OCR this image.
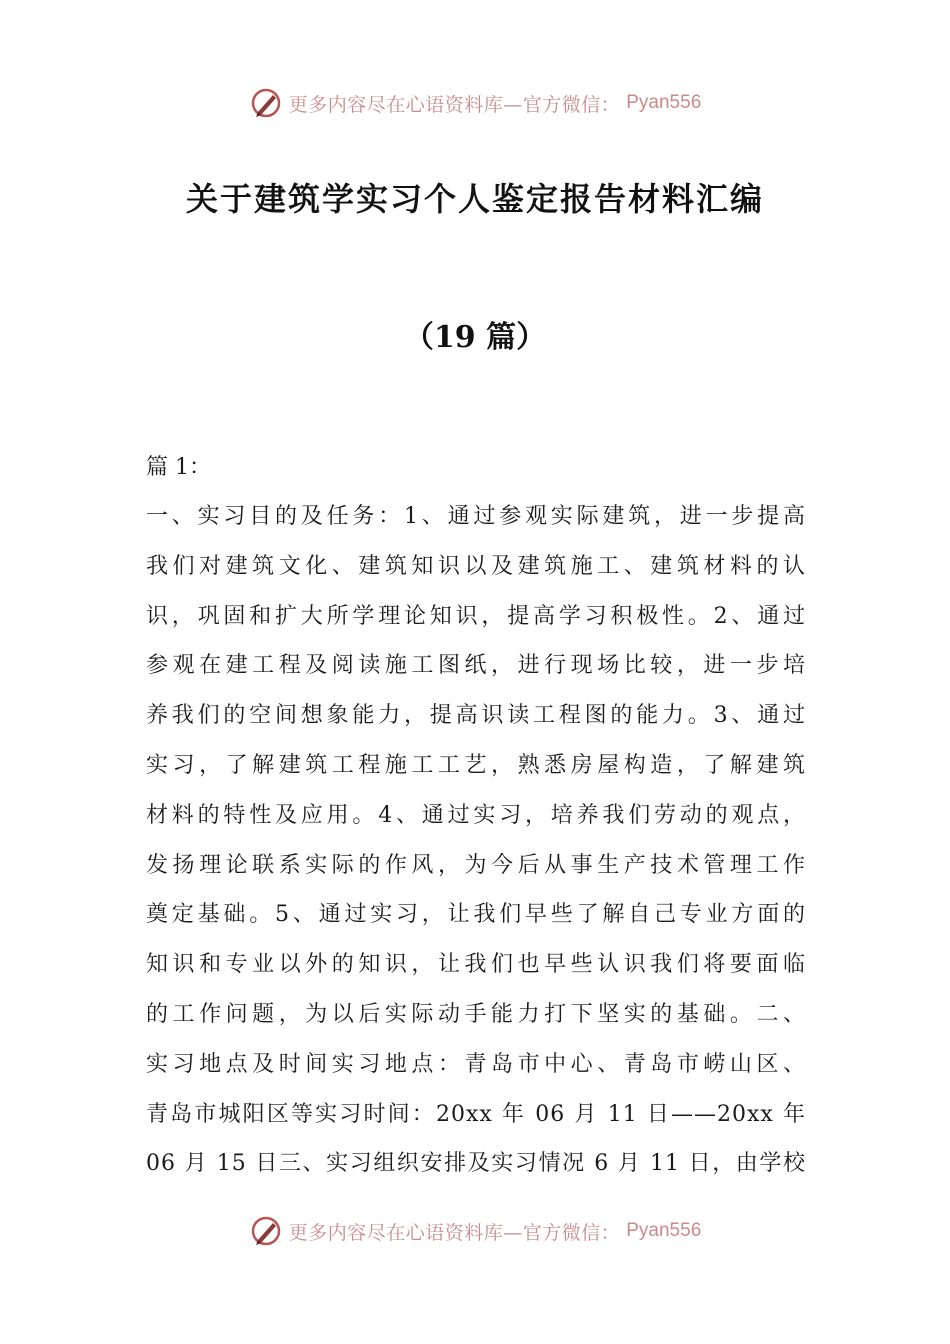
更多内容尽在心语资料库—官方微信： Pyan556
关于建筑学实习个人鉴定报告材料汇编
（19 篇）
篇 1：
一、实习目的及任务：1、通过参观实际建筑，进一步提高
我们对建筑文化、建筑知识以及建筑施工、建筑材料的认
识，巩固和扩大所学理论知识，提高学习积极性。2、通过
参观在建工程及阅读施工图纸，进行现场比较，进一步培
养我们的空间想象能力，提高识读工程图的能力。3、通过
实习，了解建筑工程施工工艺，熟悉房屋构造，了解建筑
材料的特性及应用。4、通过实习，培养我们劳动的观点，
发扬理论联系实际的作风，为今后从事生产技术管理工作
奠定基础。5、通过实习，让我们早些了解自己专业方面的
知识和专业以外的知识，让我们也早些认识我们将要面临
的工作问题，为以后实际动手能力打下坚实的基础。二、
实习地点及时间实习地点：青岛市中心、青岛市崂山区、
青岛市城阳区等实习时间：20xx 年 06 月 11 日——20xx 年
06 月 15 日三、实习组织安排及实习情况 6 月 11 日，由学校
更多内容尽在心语资料库—官方微信： Pyan556
